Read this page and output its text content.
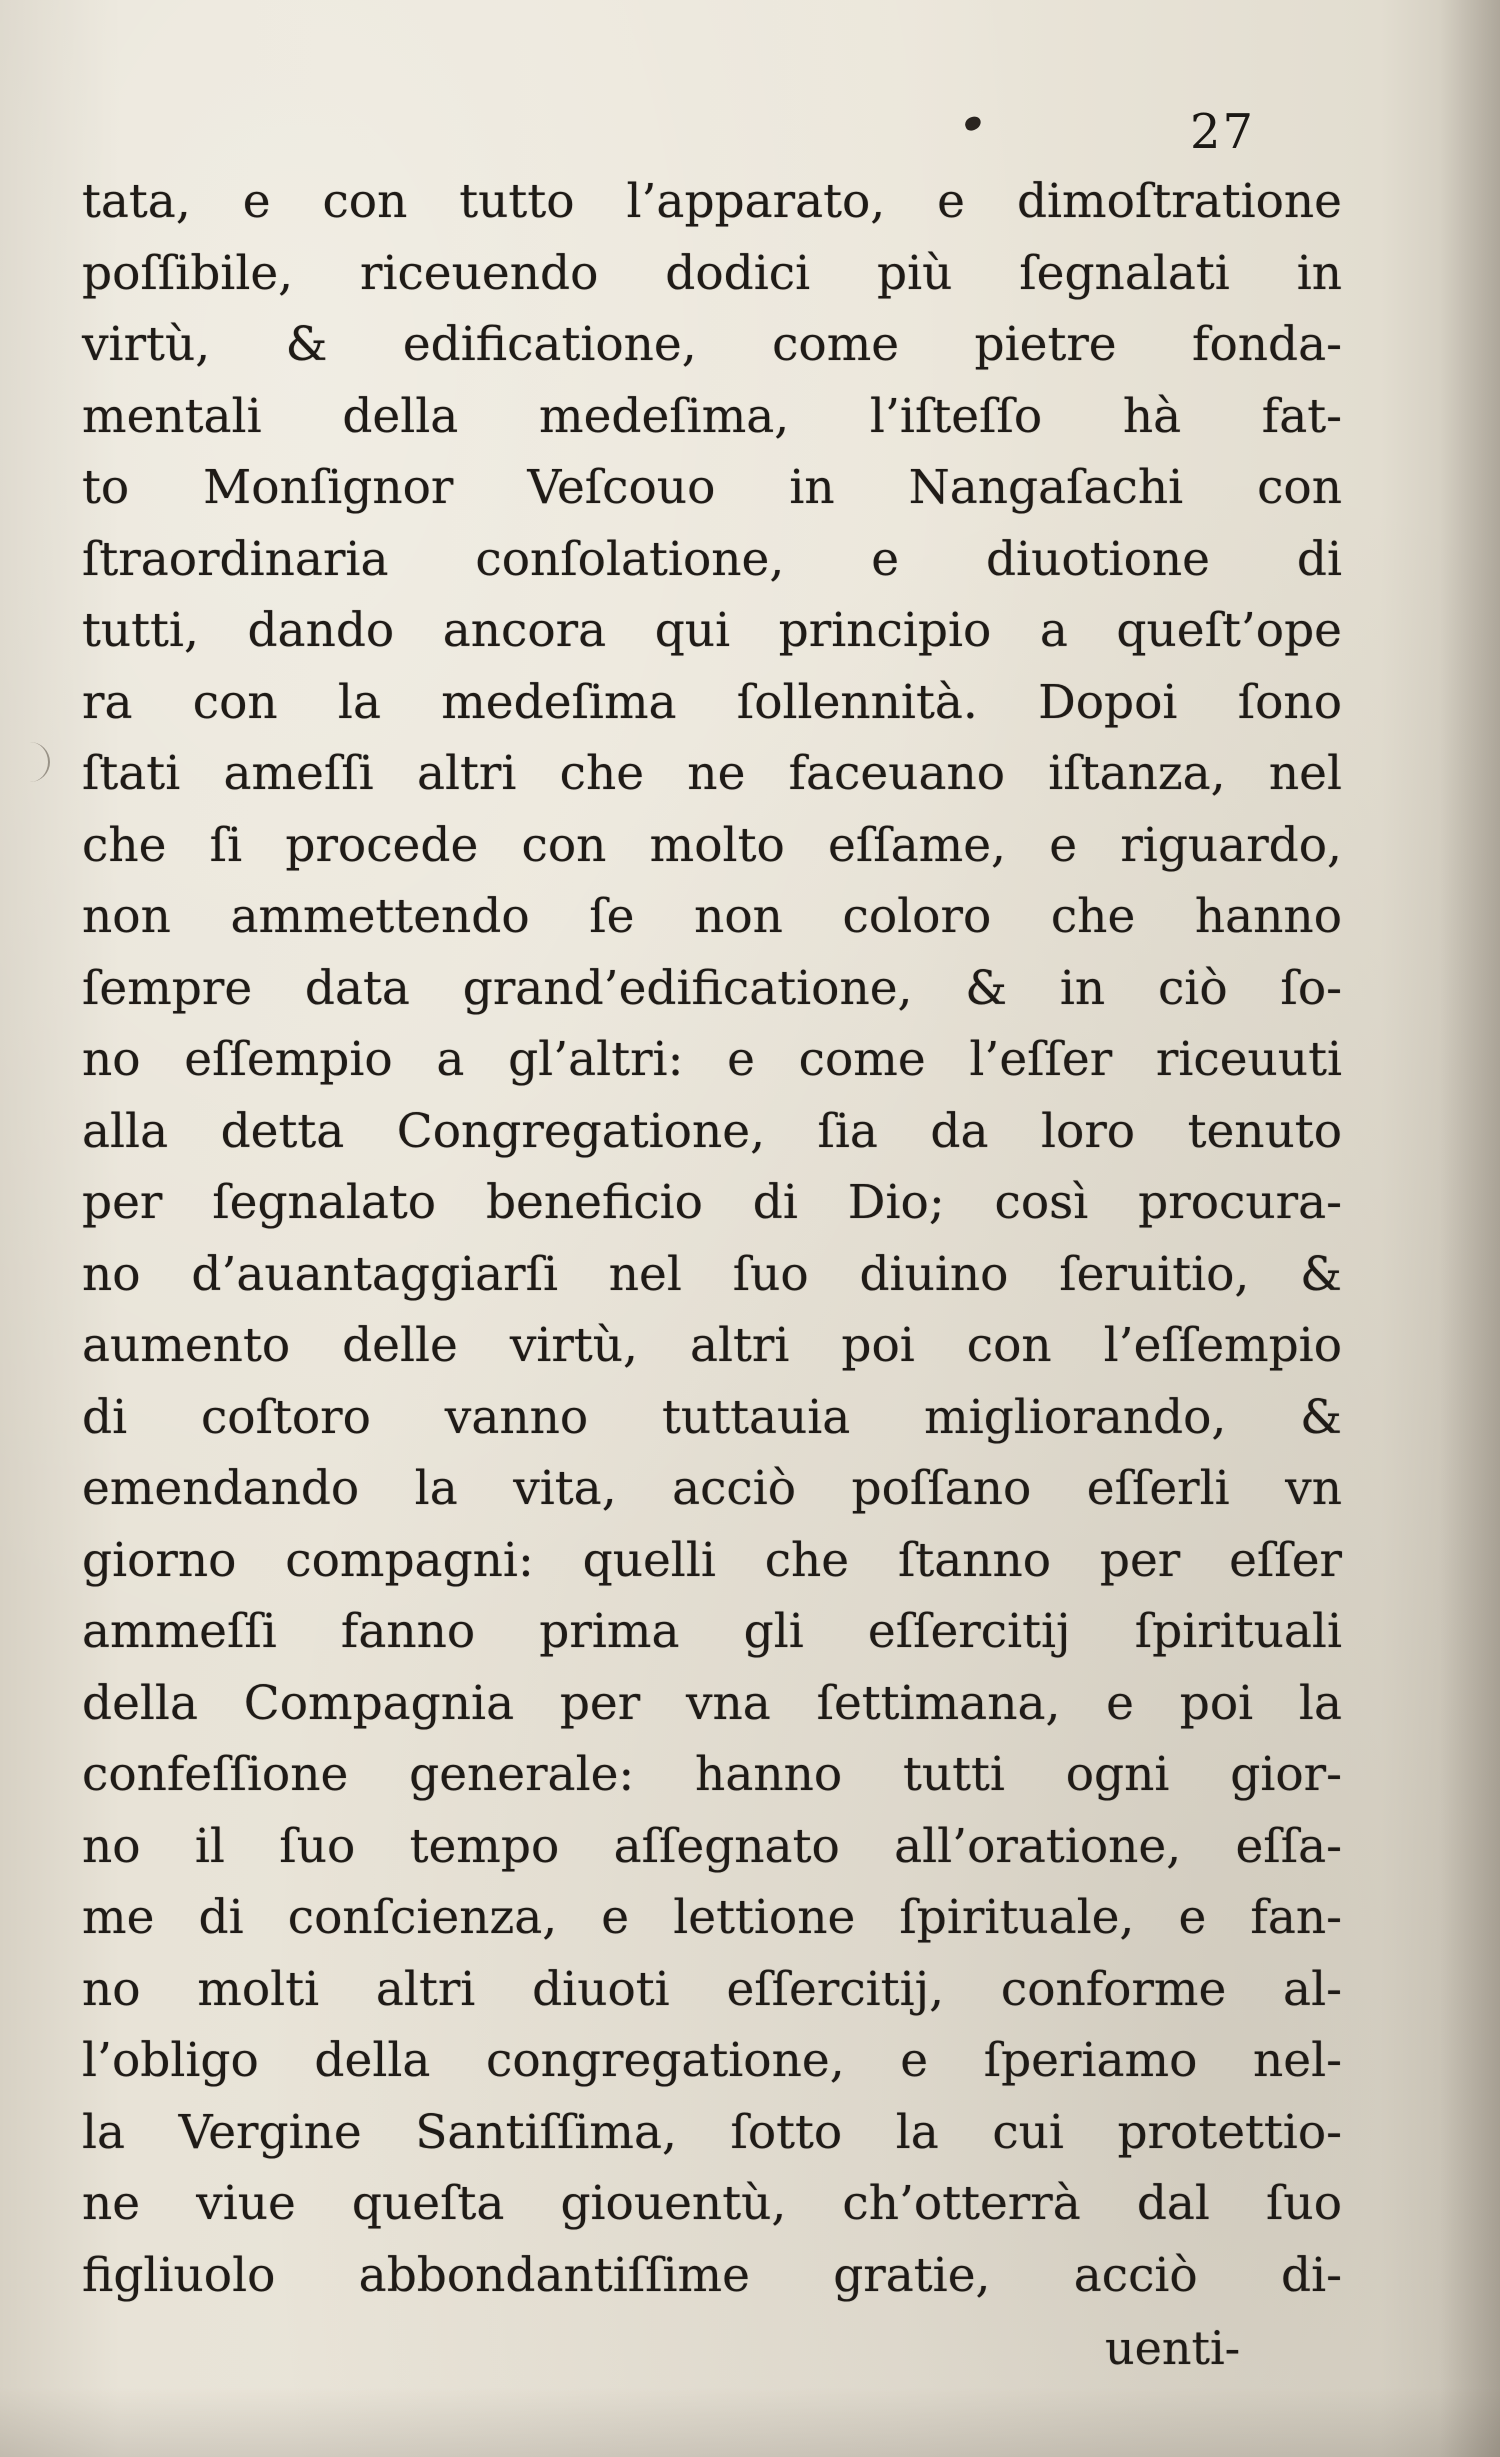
27
tata, e con tutto l’apparato, e dimoſtratione
poſſibile, riceuendo dodici più ſegnalati in
virtù, & edificatione, come pietre fonda-
mentali della medeſima, l’iſteſſo hà fat-
to Monſignor Veſcouo in Nangaſachi con
ſtraordinaria conſolatione, e diuotione di
tutti, dando ancora qui principio a queſt’ope
ra con la medeſima ſollennità. Dopoi ſono
ſtati ameſſi altri che ne faceuano iſtanza, nel
che ſi procede con molto eſſame, e riguardo,
non ammettendo ſe non coloro che hanno
ſempre data grand’edificatione, & in ciò ſo-
no eſſempio a gl’altri: e come l’eſſer riceuuti
alla detta Congregatione, ſia da loro tenuto
per ſegnalato beneficio di Dio; così procura-
no d’auantaggiarſi nel ſuo diuino ſeruitio, &
aumento delle virtù, altri poi con l’eſſempio
di coſtoro vanno tuttauia migliorando, &
emendando la vita, acciò poſſano eſſerli vn
giorno compagni: quelli che ſtanno per eſſer
ammeſſi fanno prima gli eſſercitij ſpirituali
della Compagnia per vna ſettimana, e poi la
confeſſione generale: hanno tutti ogni gior-
no il ſuo tempo aſſegnato all’oratione, eſſa-
me di conſcienza, e lettione ſpirituale, e fan-
no molti altri diuoti eſſercitij, conforme al-
l’obligo della congregatione, e ſperiamo nel-
la Vergine Santiſſima, ſotto la cui protettio-
ne viue queſta giouentù, ch’otterrà dal ſuo
figliuolo abbondantiſſime gratie, acciò di-
uenti-
